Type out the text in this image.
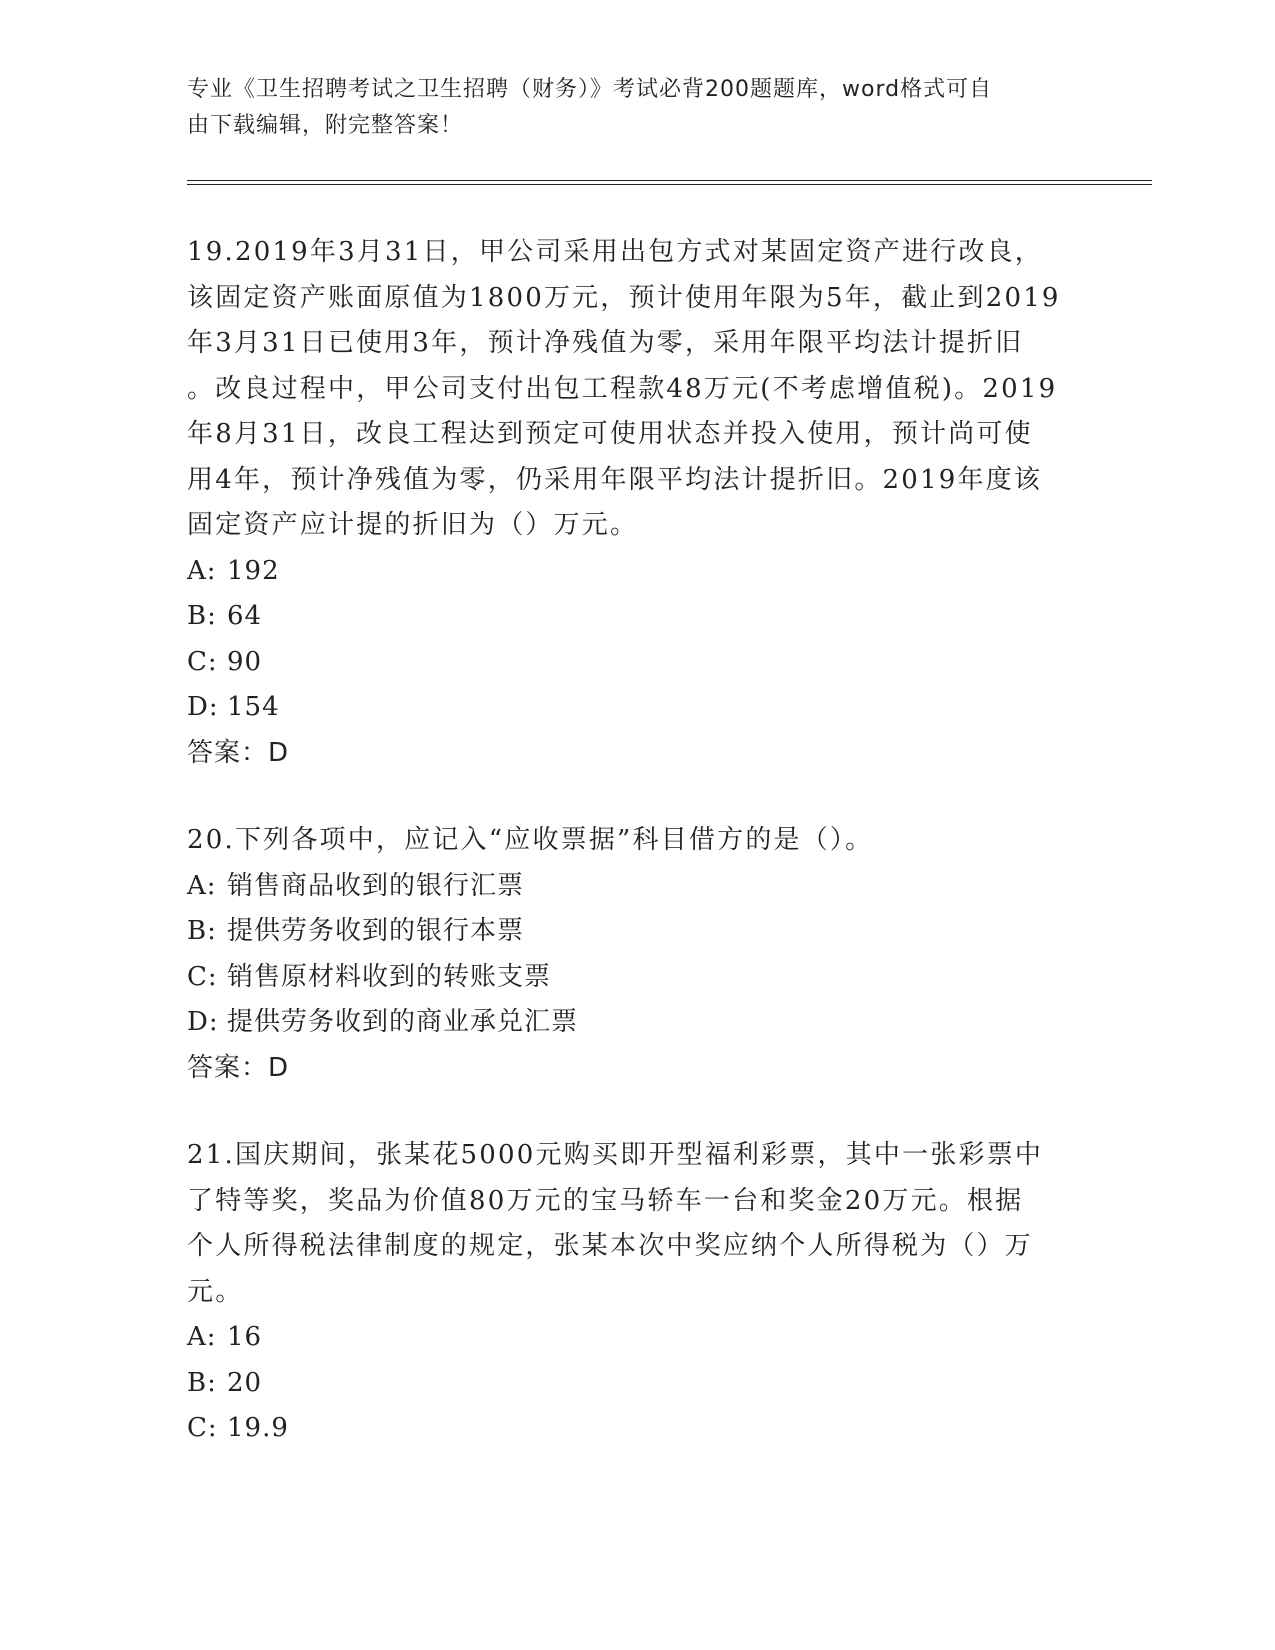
专业《卫生招聘考试之卫生招聘（财务）》考试必背200题题库，word格式可自
由下载编辑，附完整答案！

19.2019年3月31日，甲公司采用出包方式对某固定资产进行改良，

该固定资产账面原值为1800万元，预计使用年限为5年，截止到2019

年3月31日已使用3年，预计净残值为零，采用年限平均法计提折旧

。改良过程中，甲公司支付出包工程款48万元(不考虑增值税)。2019

年8月31日，改良工程达到预定可使用状态并投入使用，预计尚可使

用4年，预计净残值为零，仍采用年限平均法计提折旧。2019年度该

固定资产应计提的折旧为（）万元。

A: 192

B: 64

C: 90

D: 154

答案：D

20.下列各项中，应记入“应收票据”科目借方的是（）。

A: 销售商品收到的银行汇票

B: 提供劳务收到的银行本票

C: 销售原材料收到的转账支票

D: 提供劳务收到的商业承兑汇票

答案：D

21.国庆期间，张某花5000元购买即开型福利彩票，其中一张彩票中

了特等奖，奖品为价值80万元的宝马轿车一台和奖金20万元。根据

个人所得税法律制度的规定，张某本次中奖应纳个人所得税为（）万

元。

A: 16

B: 20

C: 19.9
